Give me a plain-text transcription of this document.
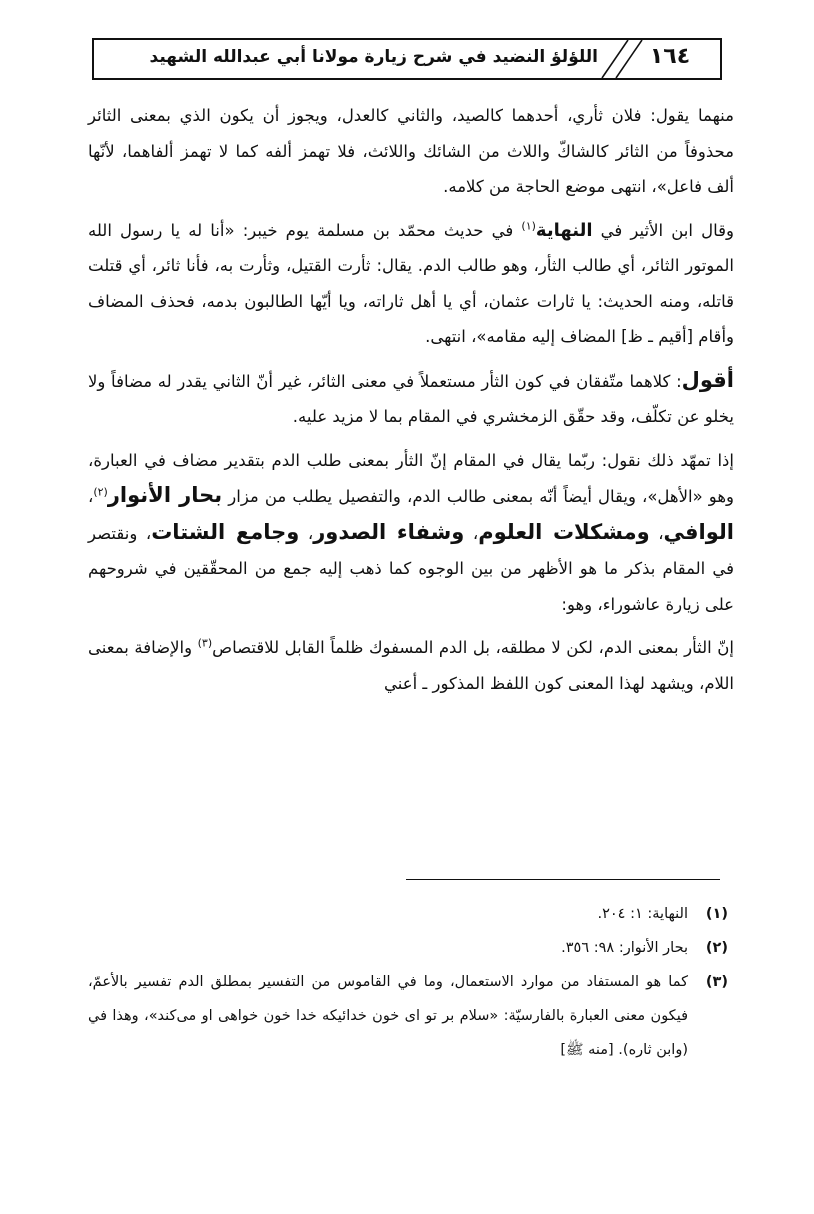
١٦٤
اللؤلؤ النضيد في شرح زيارة مولانا أبي عبدالله الشهيد

منهما يقول: فلان ثأري، أحدهما كالصيد، والثاني كالعدل، ويجوز أن يكون الذي بمعنى الثائر محذوفاً من الثائر كالشاكّ واللاث من الشائك واللائث، فلا تهمز ألفه كما لا تهمز ألفاهما، لأنّها ألف فاعل»، انتهى موضع الحاجة من كلامه.

وقال ابن الأثير في النهاية$^{(١)}$ في حديث محمّد بن مسلمة يوم خيبر: «أنا له يا رسول الله الموتور الثائر، أي طالب الثأر، وهو طالب الدم. يقال: ثأرت القتيل، وثأرت به، فأنا ثائر، أي قتلت قاتله، ومنه الحديث: يا ثارات عثمان، أي يا أهل ثاراته، ويا أيّها الطالبون بدمه، فحذف المضاف وأقام [أقيم ـ ظ] المضاف إليه مقامه»، انتهى.

أقول: كلاهما متّفقان في كون الثأر مستعملاً في معنى الثائر، غير أنّ الثاني يقدر له مضافاً ولا يخلو عن تكلّف، وقد حقّق الزمخشري في المقام بما لا مزيد عليه.

إذا تمهّد ذلك نقول: ربّما يقال في المقام إنّ الثأر بمعنى طلب الدم بتقدير مضاف في العبارة، وهو «الأهل»، ويقال أيضاً أنّه بمعنى طالب الدم، والتفصيل يطلب من مزار بحار الأنوار$^{(٢)}$، الوافي، ومشكلات العلوم، وشفاء الصدور، وجامع الشتات، ونقتصر في المقام بذكر ما هو الأظهر من بين الوجوه كما ذهب إليه جمع من المحقّقين في شروحهم على زيارة عاشوراء، وهو:

إنّ الثأر بمعنى الدم، لكن لا مطلقه، بل الدم المسفوك ظلماً القابل للاقتصاص$^{(٣)}$ والإضافة بمعنى اللام، ويشهد لهذا المعنى كون اللفظ المذكور ـ أعني

(١)
النهاية: ١: ٢٠٤.
(٢)
بحار الأنوار: ٩٨: ٣٥٦.
(٣)
كما هو المستفاد من موارد الاستعمال، وما في القاموس من التفسير بمطلق الدم تفسير بالأعمّ، فيكون معنى العبارة بالفارسيّة: «سلام بر تو اى خون خدائيكه خدا خون خواهى او مى‌كند»، وهذا في (وابن ثاره). [منه ﷺ]
